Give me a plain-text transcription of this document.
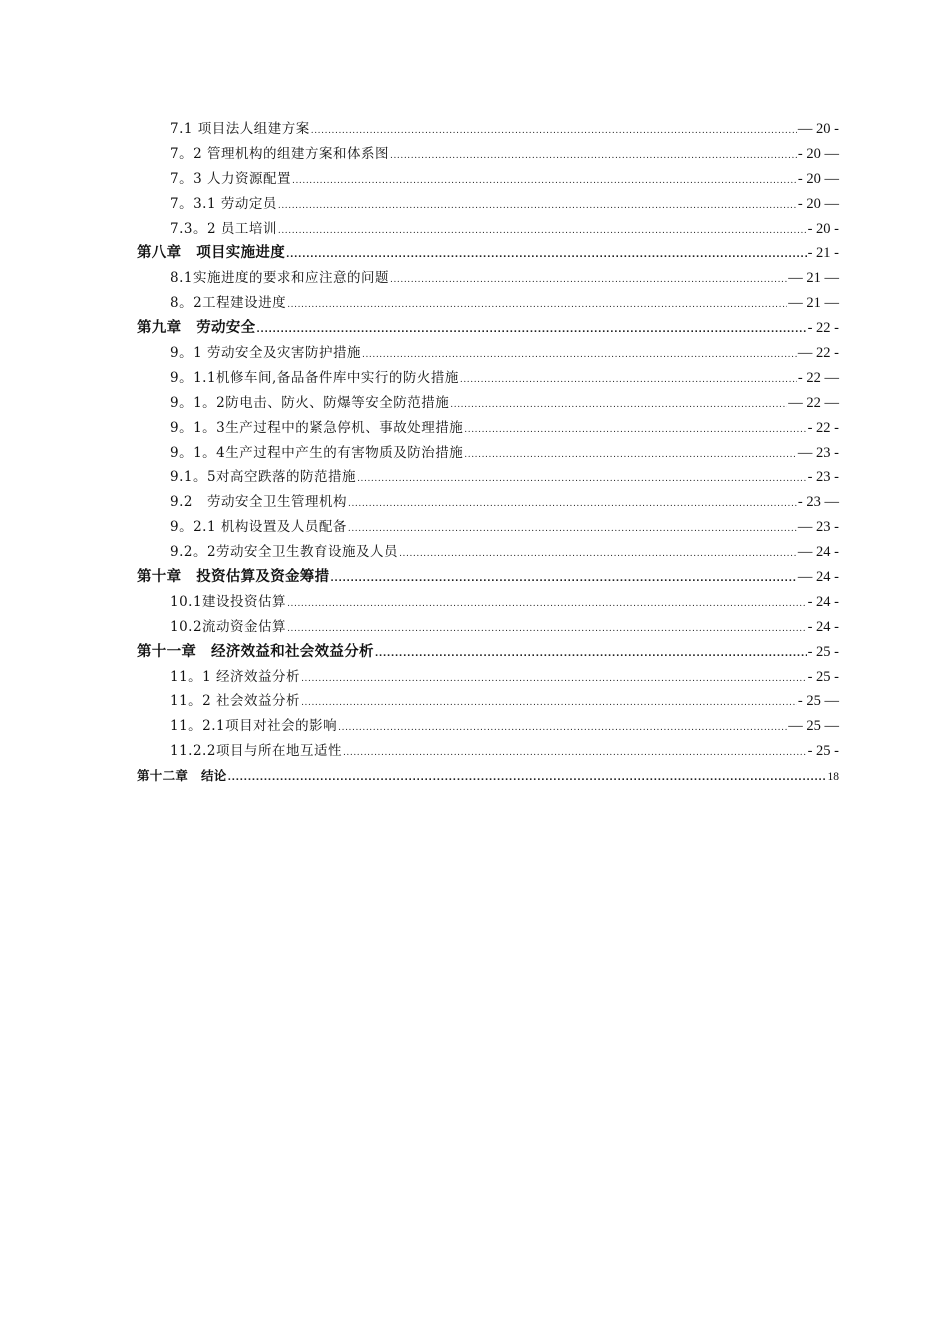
7.1 项目法人组建方案 .....	— 20 -
7。2 管理机构的组建方案和体系图 .....	- 20 —
7。3 人力资源配置 .....	- 20 —
7。3.1 劳动定员 .....	- 20 —
7.3。2 员工培训 .....	- 20 -
第八章　项目实施进度 .....	- 21 -
8.1实施进度的要求和应注意的问题 .....	— 21 —
8。2工程建设进度 .....	— 21 —
第九章　劳动安全 .....	- 22 -
9。1 劳动安全及灾害防护措施 .....	— 22 -
9。1.1机修车间,备品备件库中实行的防火措施 .....	- 22 —
9。1。2防电击、防火、防爆等安全防范措施 .....	— 22 —
9。1。3生产过程中的紧急停机、事故处理措施 .....	- 22 -
9。1。4生产过程中产生的有害物质及防治措施 .....	— 23 -
9.1。5对高空跌落的防范措施 .....	- 23 -
9.2　劳动安全卫生管理机构 .....	- 23 —
9。2.1 机构设置及人员配备 .....	— 23 -
9.2。2劳动安全卫生教育设施及人员 .....	— 24 -
第十章　投资估算及资金筹措 .....	— 24 -
10.1建设投资估算 .....	- 24 -
10.2流动资金估算 .....	- 24 -
第十一章　经济效益和社会效益分析 .....	- 25 -
11。1 经济效益分析 .....	- 25 -
11。2 社会效益分析 .....	- 25 —
11。2.1项目对社会的影响 .....	— 25 —
11.2.2项目与所在地互适性 .....	- 25 -
第十二章　结论 .....	18
